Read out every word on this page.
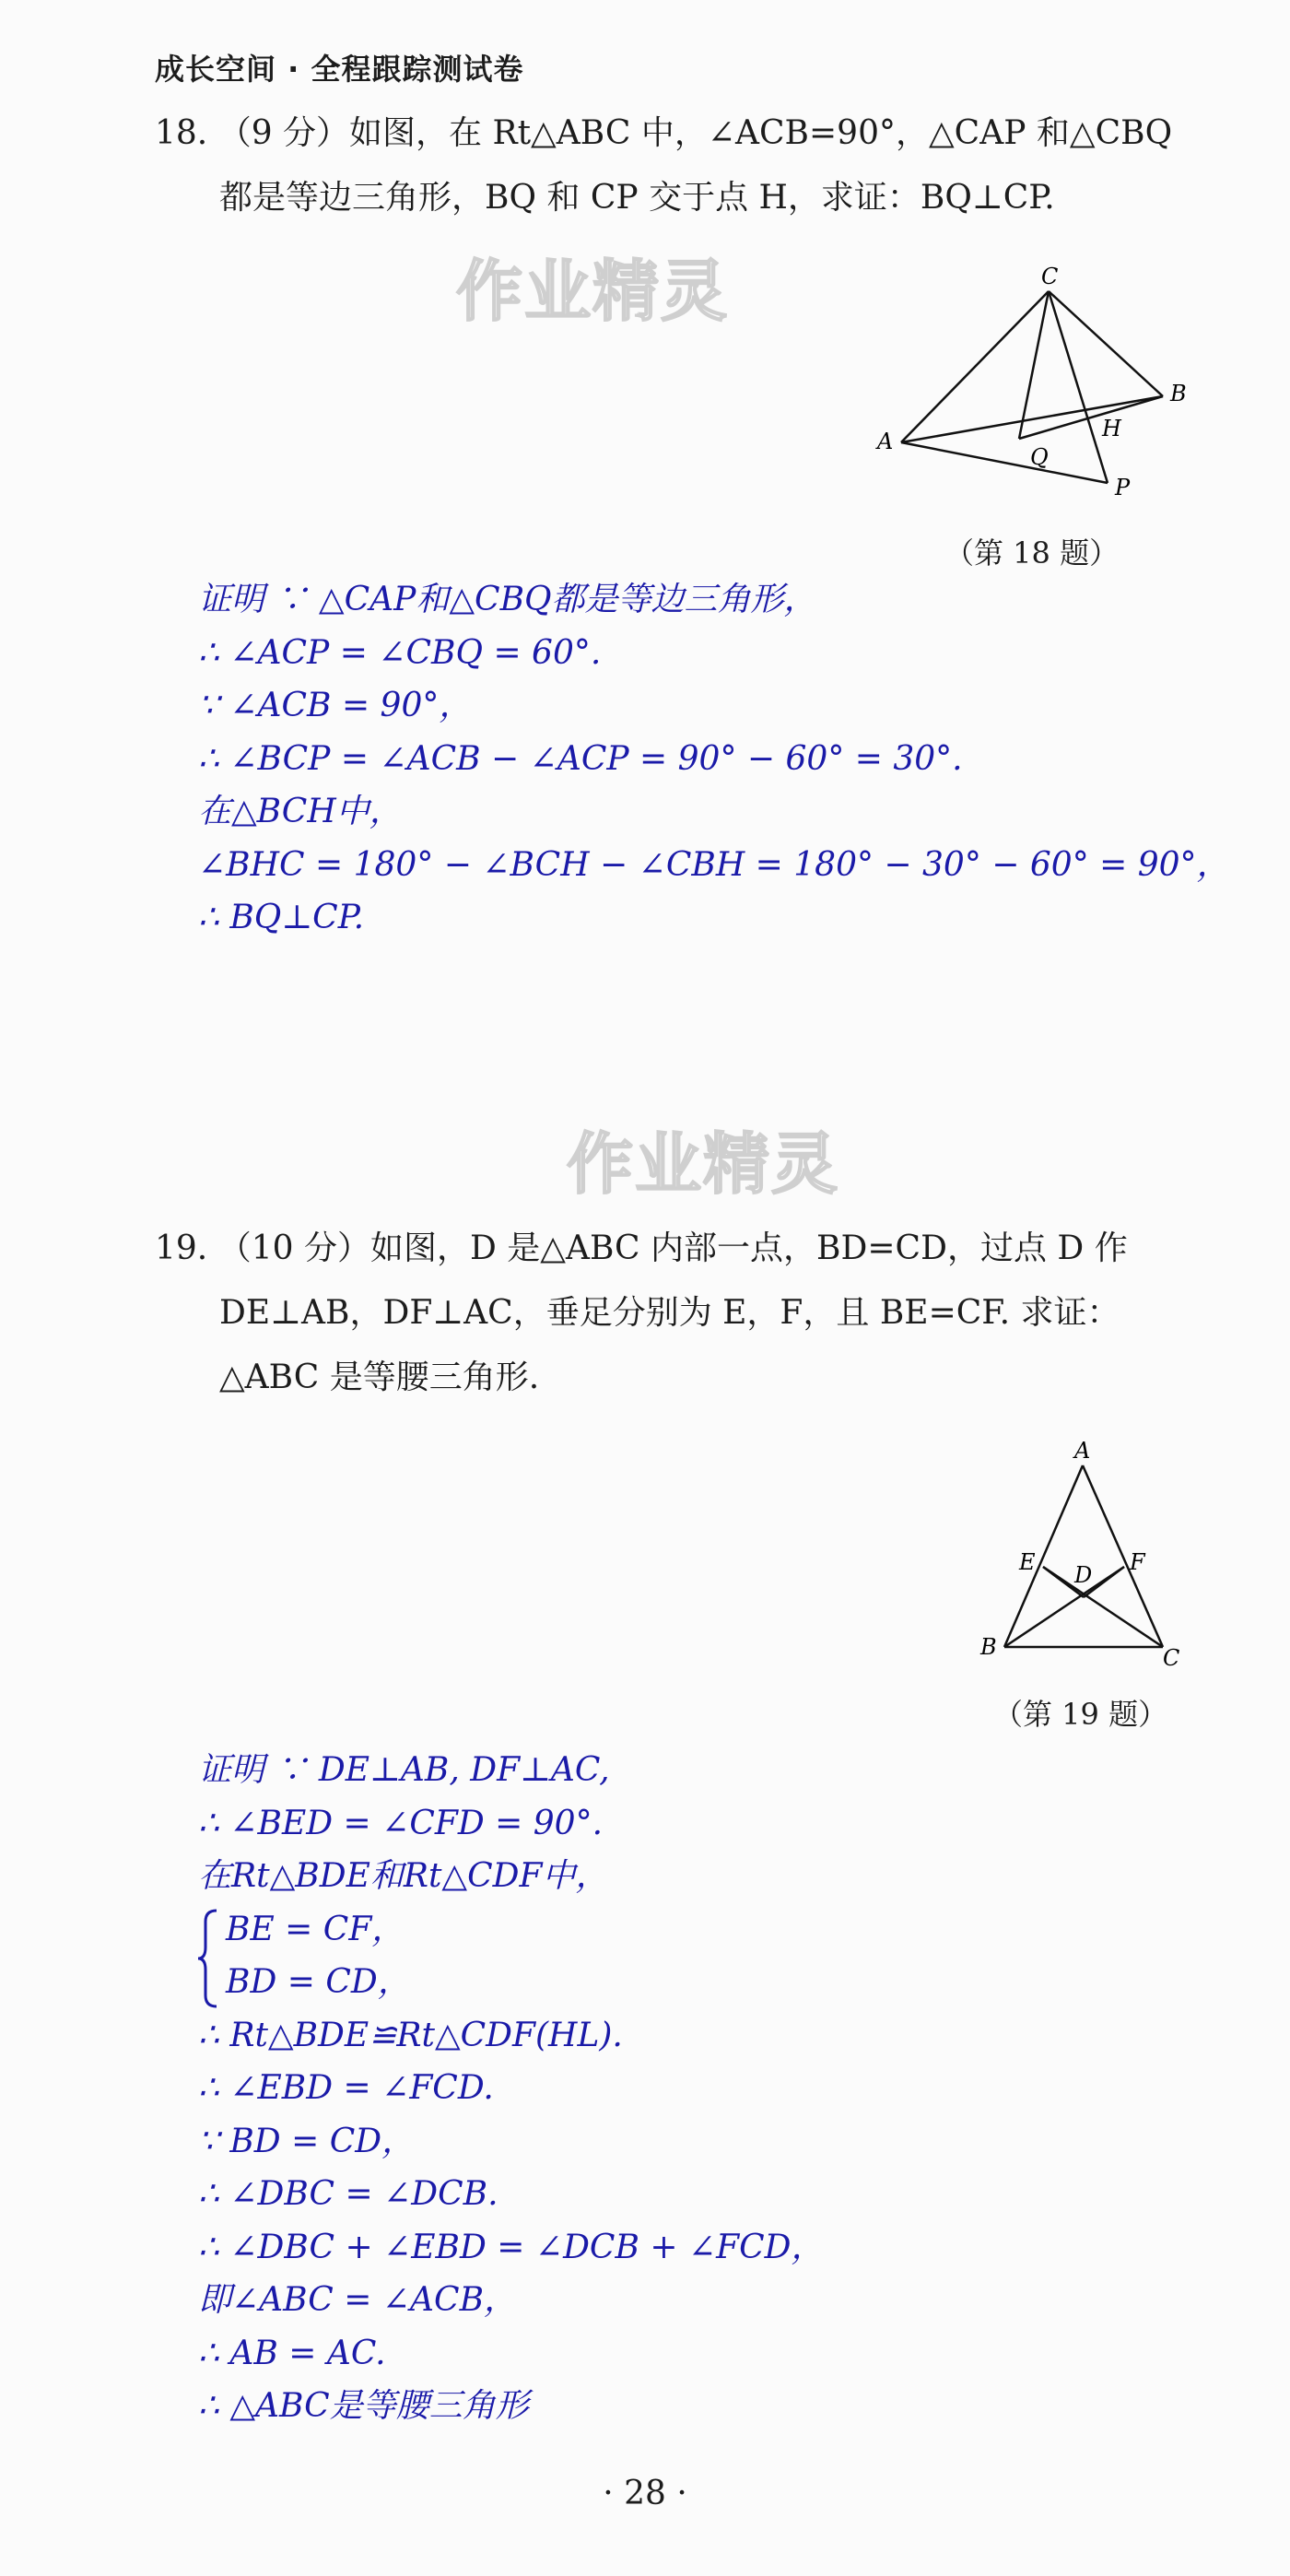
成长空间 · 全程跟踪测试卷
18. （9 分）如图，在 Rt△ABC 中，∠ACB=90°，△CAP 和△CBQ
都是等边三角形，BQ 和 CP 交于点 H，求证：BQ⊥CP.
作业精灵	C
B
A	H
Q
P
（第 18 题）
证明 ∵ △CAP和△CBQ都是等边三角形，
∴ ∠ACP = ∠CBQ = 60°.
∵ ∠ACB = 90°，
∴ ∠BCP = ∠ACB − ∠ACP = 90° − 60° = 30°.
在△BCH中，
∠BHC = 180° − ∠BCH − ∠CBH = 180° − 30° − 60° = 90°，
∴ BQ⊥CP.
作业精灵
19. （10 分）如图，D 是△ABC 内部一点，BD=CD，过点 D 作
DE⊥AB，DF⊥AC，垂足分别为 E，F，且 BE=CF. 求证：
△ABC 是等腰三角形.
A
E D F
B	C
（第 19 题）
证明 ∵ DE⊥AB, DF⊥AC,
∴ ∠BED = ∠CFD = 90°.
在Rt△BDE和Rt△CDF中，
BE = CF，
BD = CD，
∴ Rt△BDE≌Rt△CDF(HL).
∴ ∠EBD = ∠FCD.
∵ BD = CD，
∴ ∠DBC = ∠DCB.
∴ ∠DBC + ∠EBD = ∠DCB + ∠FCD，
即∠ABC = ∠ACB，
∴ AB = AC.
∴ △ABC是等腰三角形
· 28 ·
